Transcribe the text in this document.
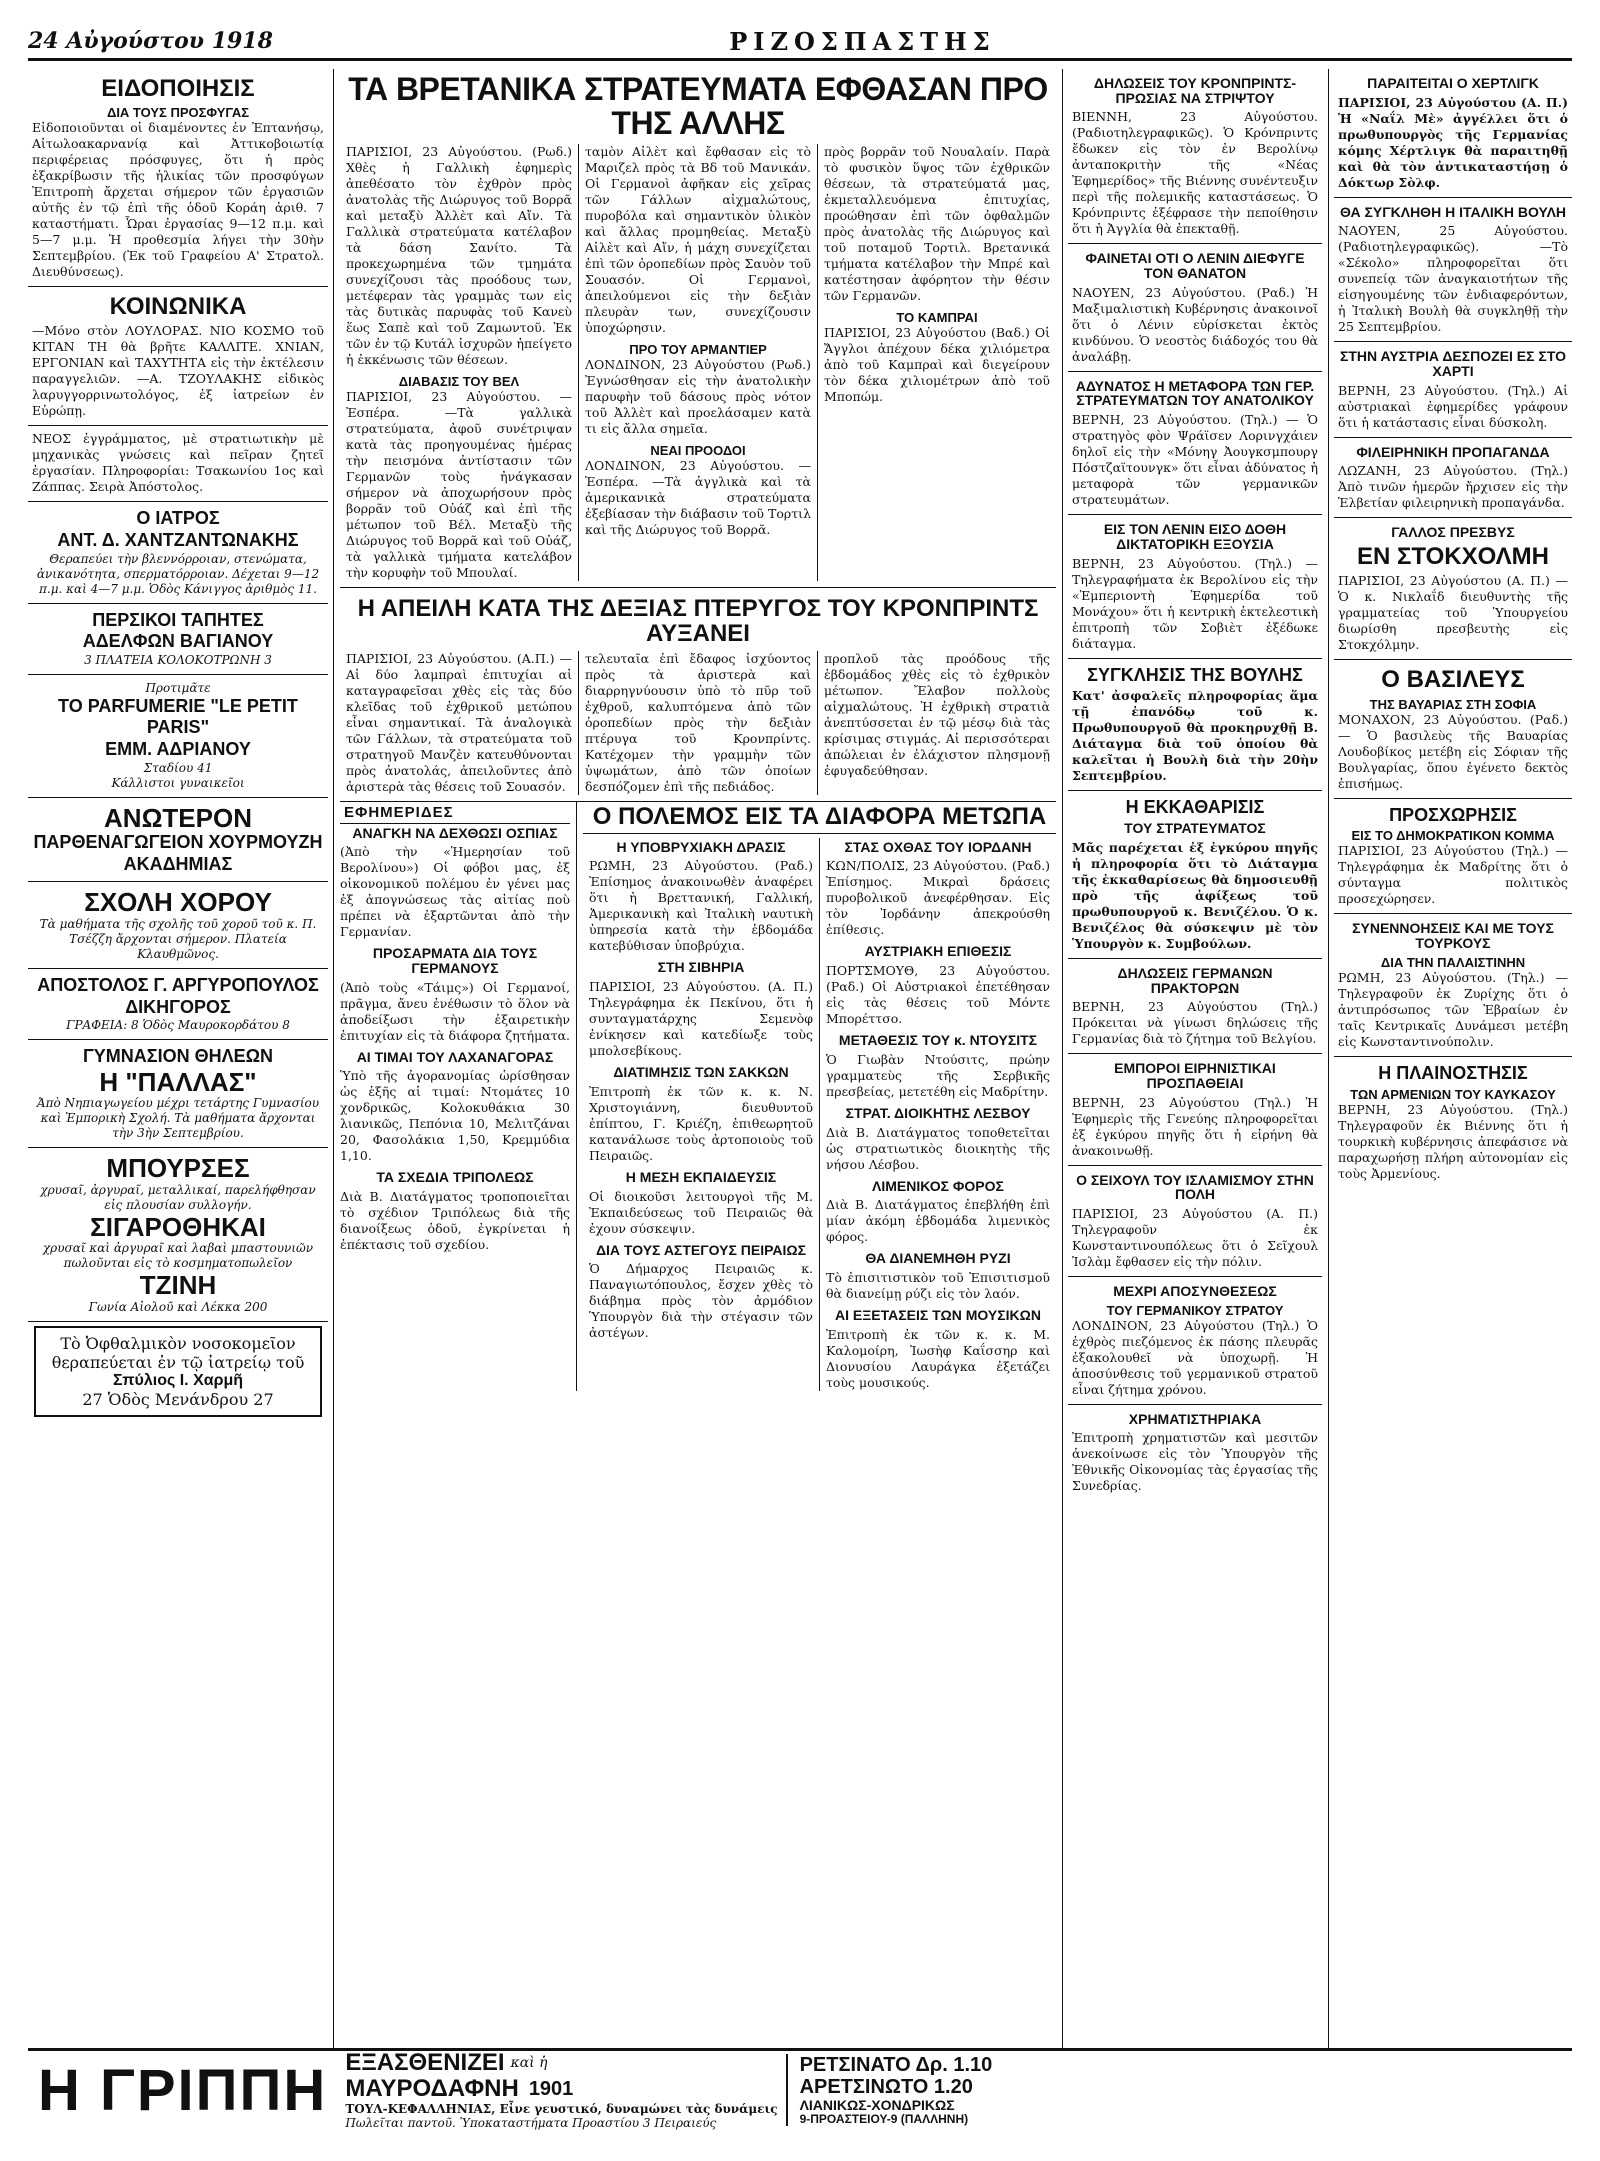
24 Αὐγούστου 1918	ΡΙΖΟΣΠΑΣΤΗΣ
ΕΙΔΟΠΟΙΗΣΙΣ
ΔΙΑ ΤΟΥΣ ΠΡΟΣΦΥΓΑΣ

Εἰδοποιοῦνται οἱ διαμένοντες ἐν Ἐπτανήσῳ, Αἰτωλοακαρνανίᾳ καὶ Ἀττικοβοιωτίᾳ περιφέρειας πρόσφυγες, ὅτι ἡ πρὸς ἐξακρίβωσιν τῆς ἡλικίας τῶν προσφύγων Ἐπιτροπὴ ἄρχεται σήμερον τῶν ἐργασιῶν αὐτῆς ἐν τῷ ἐπὶ τῆς ὁδοῦ Κοράη ἀριθ. 7 καταστήματι. Ὧραι ἐργασίας 9—12 π.μ. καὶ 5—7 μ.μ. Ἡ προθεσμία λήγει τὴν 30ὴν Σεπτεμβρίου. (Ἐκ τοῦ Γραφείου Α' Στρατολ. Διευθύνσεως).

ΚΟΙΝΩΝΙΚΑ

—Μόνο στὸν ΛΟΥΛΟΡΑΣ. ΝΙΟ ΚΟΣΜΟ τοῦ ΚΙΤΑΝ ΤΗ θὰ βρῆτε ΚΑΛΛΙΤΕ. ΧΝΙΑΝ, ΕΡΓΟΝΙΑΝ καὶ ΤΑΧΥΤΗΤΑ εἰς τὴν ἐκτέλεσιν παραγγελιῶν. —Α. ΤΖΟΥΛΑΚΗΣ εἰδικὸς λαρυγγορρινωτολόγος, ἐξ ἰατρείων ἐν Εὐρώπῃ.

ΝΕΟΣ ἐγγράμματος, μὲ στρατιωτικὴν μὲ μηχανικὰς γνώσεις καὶ πεῖραν ζητεῖ ἐργασίαν. Πληροφορίαι: Τσακωνίου 1ος καὶ Ζάππας. Σειρὰ Ἀπόστολος.

Ο ΙΑΤΡΟΣ
ΑΝΤ. Δ. ΧΑΝΤΖΑΝΤΩΝΑΚΗΣ
Θεραπεύει τὴν βλεννόρροιαν, στενώματα, ἀνικανότητα, σπερματόρροιαν. Δέχεται 9—12 π.μ. καὶ 4—7 μ.μ. Ὁδὸς Κάνιγγος ἀριθμὸς 11.
ΠΕΡΣΙΚΟΙ ΤΑΠΗΤΕΣ
ΑΔΕΛΦΩΝ ΒΑΓΙΑΝΟΥ
3 ΠΛΑΤΕΙΑ ΚΟΛΟΚΟΤΡΩΝΗ 3
Προτιμᾶτε
ΤΟ PARFUMERIE "LE PETIT PARIS"
ΕΜΜ. ΑΔΡΙΑΝΟΥ
Σταδίου 41
Κάλλιστοι γυναικεῖοι
ΑΝΩΤΕΡΟΝ
ΠΑΡΘΕΝΑΓΩΓΕΙΟΝ ΧΟΥΡΜΟΥΖΗ
ΑΚΑΔΗΜΙΑΣ
ΣΧΟΛΗ ΧΟΡΟΥ
Τὰ μαθήματα τῆς σχολῆς τοῦ χοροῦ τοῦ κ. Π. Τσέζζη ἄρχονται σήμερον. Πλατεία Κλαυθμῶνος.
ΑΠΟΣΤΟΛΟΣ Γ. ΑΡΓΥΡΟΠΟΥΛΟΣ
ΔΙΚΗΓΟΡΟΣ
ΓΡΑΦΕΙΑ: 8 Ὁδὸς Μαυροκορδάτου 8
ΓΥΜΝΑΣΙΟΝ ΘΗΛΕΩΝ
Η "ΠΑΛΛΑΣ"
Ἀπὸ Νηπιαγωγείου μέχρι τετάρτης Γυμνασίου καὶ Ἐμπορικὴ Σχολή. Τὰ μαθήματα ἄρχονται τὴν 3ὴν Σεπτεμβρίου.
ΜΠΟΥΡΣΕΣ
χρυσαῖ, ἀργυραῖ, μεταλλικαί, παρελήφθησαν εἰς πλουσίαν συλλογήν.
ΣΙΓΑΡΟΘΗΚΑΙ
χρυσαῖ καὶ ἀργυραῖ καὶ λαβαὶ μπαστουνιῶν πωλοῦνται εἰς τὸ κοσμηματοπωλεῖον
ΤΖΙΝΗ
Γωνία Αἰολοῦ καὶ Λέκκα 200
Τὸ Ὀφθαλμικὸν νοσοκομεῖον θεραπεύεται ἐν τῷ ἰατρείῳ τοῦ
Σπύλιος Ι. Χαρμῆ
27 Ὁδὸς Μενάνδρου 27
ΤΑ ΒΡΕΤΑΝΙΚΑ ΣΤΡΑΤΕΥΜΑΤΑ ΕΦΘΑΣΑΝ ΠΡΟ ΤΗΣ ΑΛΛΗΣ

ΠΑΡΙΣΙΟΙ, 23 Αὐγούστου. (Ρωδ.) Χθὲς ἡ Γαλλικὴ ἐφημερὶς ἀπεθέσατο τὸν ἐχθρὸν πρὸς ἀνατολὰς τῆς Διώρυγος τοῦ Βορρᾶ καὶ μεταξὺ Ἀλλὲτ καὶ Αἴν. Τὰ Γαλλικὰ στρατεύματα κατέλαβον τὰ δάση Σανίτο. Τὰ προκεχωρημένα τῶν τμημάτα συνεχίζουσι τὰς προόδους των, μετέφεραν τὰς γραμμὰς των εἰς τὰς δυτικὰς παρυφὰς τοῦ Κανεὺ ἕως Σαπὲ καὶ τοῦ Ζαμωντοῦ. Ἐκ τῶν ἐν τῷ Κυτάλ ἰσχυρῶν ἠπείγετο ἡ ἐκκένωσις τῶν θέσεων.

ΔΙΑΒΑΣΙΣ ΤΟΥ ΒΕΛ

ΠΑΡΙΣΙΟΙ, 23 Αὐγούστου. —Ἐσπέρα. —Τὰ γαλλικὰ στρατεύματα, ἀφοῦ συνέτριψαν κατὰ τὰς προηγουμένας ἡμέρας τὴν πεισμόνα ἀντίστασιν τῶν Γερμανῶν τοὺς ἠνάγκασαν σήμερον νὰ ἀποχωρήσουν πρὸς βορρᾶν τοῦ Οὐάζ καὶ ἐπὶ τῆς μέτωπον τοῦ Βέλ. Μεταξὺ τῆς Διώρυγος τοῦ Βορρᾶ καὶ τοῦ Οὐάζ, τὰ γαλλικὰ τμήματα κατελάβον τὴν κορυφὴν τοῦ Μπουλαί.

ταμὸν Αἰλὲτ καὶ ἔφθασαν εἰς τὸ Μαριζελ πρὸς τὰ Βδ τοῦ Μανικάν. Οἱ Γερμανοὶ ἀφῆκαν εἰς χεῖρας τῶν Γάλλων αἰχμαλώτους, πυροβόλα καὶ σημαντικὸν ὑλικὸν καὶ ἄλλας προμηθείας. Μεταξὺ Αἰλὲτ καὶ Αἴν, ἡ μάχη συνεχίζεται ἐπὶ τῶν ὀροπεδίων πρὸς Σαυὸν τοῦ Σουασόν. Οἱ Γερμανοὶ, ἀπειλούμενοι εἰς τὴν δεξιὰν πλευρὰν των, συνεχίζουσιν ὑποχώρησιν.

ΠΡΟ ΤΟΥ ΑΡΜΑΝΤΙΕΡ

ΛΟΝΔΙΝΟΝ, 23 Αὐγούστου (Ρωδ.) Ἐγνώσθησαν εἰς τὴν ἀνατολικὴν παρυφὴν τοῦ δάσους πρὸς νότον τοῦ Ἀλλὲτ καὶ προελάσαμεν κατὰ τι εἰς ἄλλα σημεῖα.

ΝΕΑΙ ΠΡΟΟΔΟΙ

ΛΟΝΔΙΝΟΝ, 23 Αὐγούστου. —Ἑσπέρα. —Τὰ ἀγγλικὰ καὶ τὰ ἀμερικανικὰ στρατεύματα ἐξεβίασαν τὴν διάβασιν τοῦ Τορτιλ καὶ τῆς Διώρυγος τοῦ Βορρᾶ.

πρὸς βορρᾶν τοῦ Νουαλαίν. Παρὰ τὸ φυσικὸν ὕψος τῶν ἐχθρικῶν θέσεων, τὰ στρατεύματά μας, ἐκμεταλλευόμενα ἐπιτυχίας, προώθησαν ἐπὶ τῶν ὀφθαλμῶν πρὸς ἀνατολὰς τῆς Διώρυγος καὶ τοῦ ποταμοῦ Τορτιλ. Βρετανικά τμήματα κατέλαβον τὴν Μπρέ καὶ κατέστησαν ἀφόρητον τὴν θέσιν τῶν Γερμανῶν.

ΤΟ ΚΑΜΠΡΑΙ

ΠΑΡΙΣΙΟΙ, 23 Αὐγούστου (Βαδ.) Οἱ Ἄγγλοι ἀπέχουν δέκα χιλιόμετρα ἀπὸ τοῦ Καμπραὶ καὶ διεγείρουν τὸν δέκα χιλιομέτρων ἀπὸ τοῦ Μποπώμ.

Η ΑΠΕΙΛΗ ΚΑΤΑ ΤΗΣ ΔΕΞΙΑΣ ΠΤΕΡΥΓΟΣ ΤΟΥ ΚΡΟΝΠΡΙΝΤΣ ΑΥΞΑΝΕΙ

ΠΑΡΙΣΙΟΙ, 23 Αὐγούστου. (Α.Π.) — Αἱ δύο λαμπραὶ ἐπιτυχίαι αἱ καταγραφεῖσαι χθὲς εἰς τὰς δύο κλεῖδας τοῦ ἐχθρικοῦ μετώπου εἶναι σημαντικαί. Τὰ ἀναλογικὰ τῶν Γάλλων, τὰ στρατεύματα τοῦ στρατηγοῦ Μανζὲν κατευθύνονται πρὸς ἀνατολάς, ἀπειλοῦντες ἀπὸ ἀριστερὰ τὰς θέσεις τοῦ Σουασόν.

τελευταῖα ἐπὶ ἔδαφος ἰσχύοντος πρὸς τὰ ἀριστερὰ καὶ διαρρηγνύουσιν ὑπὸ τὸ πῦρ τοῦ ἐχθροῦ, καλυπτόμενα ἀπὸ τῶν ὀροπεδίων πρὸς τὴν δεξιὰν πτέρυγα τοῦ Κρονπρίντς. Κατέχομεν τὴν γραμμὴν τῶν ὑψωμάτων, ἀπὸ τῶν ὁποίων δεσπόζομεν ἐπὶ τῆς πεδιάδος.

προπλοῦ τὰς προόδους τῆς ἑβδομάδος χθὲς εἰς τὸ ἐχθρικὸν μέτωπον. Ἔλαβον πολλοὺς αἰχμαλώτους. Ἡ ἐχθρικὴ στρατιὰ ἀνεπτύσσεται ἐν τῷ μέσῳ διὰ τὰς κρίσιμας στιγμάς. Αἱ περισσότεραι ἀπώλειαι ἐν ἐλάχιστον πλησμονῇ ἐφυγαδεύθησαν.

ΕΦΗΜΕΡΙΔΕΣ
ΑΝΑΓΚΗ ΝΑ ΔΕΧΘΩΣΙ ΟΣΠΙΑΣ

(Ἀπὸ τὴν «Ἡμερησίαν τοῦ Βερολίνου») Οἱ φόβοι μας, ἐξ οἰκονομικοῦ πολέμου ἐν γένει μας ἐξ ἀπογνώσεως τὰς αἰτίας ποὺ πρέπει νὰ ἐξαρτῶνται ἀπὸ τὴν Γερμανίαν.

ΠΡΟΣΑΡΜΑΤΑ ΔΙΑ ΤΟΥΣ ΓΕΡΜΑΝΟΥΣ

(Ἀπὸ τοὺς «Τάιμς») Οἱ Γερμανοί, πρᾶγμα, ἄνευ ἐνέθωσιν τὸ ὅλον νὰ ἀποδείξωσι τὴν ἐξαιρετικὴν ἐπιτυχίαν εἰς τὰ διάφορα ζητήματα.

ΑΙ ΤΙΜΑΙ ΤΟΥ ΛΑΧΑΝΑΓΟΡΑΣ

Ὑπὸ τῆς ἀγορανομίας ὡρίσθησαν ὡς ἑξῆς αἱ τιμαί: Ντομάτες 10 χονδρικῶς, Κολοκυθάκια 30 λιανικῶς, Πεπόνια 10, Μελιτζάναι 20, Φασολάκια 1,50, Κρεμμύδια 1,10.

ΤΑ ΣΧΕΔΙΑ ΤΡΙΠΟΛΕΩΣ

Διὰ Β. Διατάγματος τροποποιεῖται τὸ σχέδιον Τριπόλεως διὰ τῆς διανοίξεως ὁδοῦ, ἐγκρίνεται ἡ ἐπέκτασις τοῦ σχεδίου.

Ο ΠΟΛΕΜΟΣ ΕΙΣ ΤΑ ΔΙΑΦΟΡΑ ΜΕΤΩΠΑ
Η ΥΠΟΒΡΥΧΙΑΚΗ ΔΡΑΣΙΣ

ΡΩΜΗ, 23 Αὐγούστου. (Ραδ.) Ἐπίσημος ἀνακοινωθὲν ἀναφέρει ὅτι ἡ Βρεττανική, Γαλλική, Ἀμερικανικὴ καὶ Ἰταλικὴ ναυτικὴ ὑπηρεσία κατὰ τὴν ἑβδομάδα κατεβύθισαν ὑποβρύχια.

ΣΤΗ ΣΙΒΗΡΙΑ

ΠΑΡΙΣΙΟΙ, 23 Αὐγούστου. (Α. Π.) Τηλεγράφημα ἐκ Πεκίνου, ὅτι ἡ συνταγματάρχης Σεμενὸφ ἐνίκησεν καὶ κατεδίωξε τοὺς μπολσεβίκους.

ΔΙΑΤΙΜΗΣΙΣ ΤΩΝ ΣΑΚΚΩΝ

Ἐπιτροπὴ ἐκ τῶν κ. κ. Ν. Χριστογιάννη, διευθυντοῦ ἐπίπτου, Γ. Κριέζη, ἐπιθεωρητοῦ κατανάλωσε τοὺς ἀρτοποιοὺς τοῦ Πειραιῶς.

Η ΜΕΣΗ ΕΚΠΑΙΔΕΥΣΙΣ

Οἱ διοικοῦσι λειτουργοὶ τῆς Μ. Ἐκπαιδεύσεως τοῦ Πειραιῶς θὰ ἐχουν σύσκεψιν.

ΔΙΑ ΤΟΥΣ ΑΣΤΕΓΟΥΣ ΠΕΙΡΑΙΩΣ

Ὁ Δήμαρχος Πειραιῶς κ. Παναγιωτόπουλος, ἔσχεν χθὲς τὸ διάβημα πρὸς τὸν ἀρμόδιον Ὑπουργὸν διὰ τὴν στέγασιν τῶν ἀστέγων.

ΣΤΑΣ ΟΧΘΑΣ ΤΟΥ ΙΟΡΔΑΝΗ

ΚΩΝ/ΠΟΛΙΣ, 23 Αὐγούστου. (Ραδ.) Ἐπίσημος. Μικραὶ δράσεις πυροβολικοῦ ἀνεφέρθησαν. Εἰς τὸν Ἰορδάνην ἀπεκρούσθη ἐπίθεσις.

ΑΥΣΤΡΙΑΚΗ ΕΠΙΘΕΣΙΣ

ΠΟΡΤΣΜΟΥΘ, 23 Αὐγούστου. (Ραδ.) Οἱ Αὐστριακοὶ ἐπετέθησαν εἰς τὰς θέσεις τοῦ Μόντε Μπορέττσο.

ΜΕΤΑΘΕΣΙΣ ΤΟΥ κ. ΝΤΟΥΣΙΤΣ

Ὁ Γιωβὰν Ντούσιτς, πρώην γραμματεὺς τῆς Σερβικῆς πρεσβείας, μετετέθη εἰς Μαδρίτην.

ΣΤΡΑΤ. ΔΙΟΙΚΗΤΗΣ ΛΕΣΒΟΥ

Διὰ Β. Διατάγματος τοποθετεῖται ὡς στρατιωτικὸς διοικητὴς τῆς νήσου Λέσβου.

ΛΙΜΕΝΙΚΟΣ ΦΟΡΟΣ

Διὰ Β. Διατάγματος ἐπεβλήθη ἐπὶ μίαν ἀκόμη ἑβδομάδα λιμενικὸς φόρος.

ΘΑ ΔΙΑΝΕΜΗΘΗ ΡΥΖΙ

Τὸ ἐπισιτιστικὸν τοῦ Ἐπισιτισμοῦ θὰ διανείμῃ ρύζι εἰς τὸν λαόν.

ΑΙ ΕΞΕΤΑΣΕΙΣ ΤΩΝ ΜΟΥΣΙΚΩΝ

Ἐπιτροπὴ ἐκ τῶν κ. κ. Μ. Καλομοίρη, Ἰωσὴφ Καΐσσηρ καὶ Διονυσίου Λαυράγκα ἐξετάζει τοὺς μουσικούς.

ΔΗΛΩΣΕΙΣ ΤΟΥ ΚΡΟΝΠΡΙΝΤΣ-ΠΡΩΣΙΑΣ ΝΑ ΣΤΡΙΨΤΟΥ

ΒΙΕΝΝΗ, 23 Αὐγούστου. (Ραδιοτηλεγραφικῶς). Ὁ Κρόνπριντς ἔδωκεν εἰς τὸν ἐν Βερολίνῳ ἀνταποκριτὴν τῆς «Νέας Ἐφημερίδος» τῆς Βιέννης συνέντευξιν περὶ τῆς πολεμικῆς καταστάσεως. Ὁ Κρόνπριντς ἐξέφρασε τὴν πεποίθησιν ὅτι ἡ Ἀγγλία θὰ ἐπεκταθῇ.

ΦΑΙΝΕΤΑΙ ΟΤΙ Ο ΛΕΝΙΝ ΔΙΕΦΥΓΕ ΤΟΝ ΘΑΝΑΤΟΝ

ΝΑΟΥΕΝ, 23 Αὐγούστου. (Ραδ.) Ἡ Μαξιμαλιστικὴ Κυβέρνησις ἀνακοινοῖ ὅτι ὁ Λένιν εὑρίσκεται ἐκτὸς κινδύνου. Ὁ νεοστὸς διάδοχός του θὰ ἀναλάβῃ.

ΑΔΥΝΑΤΟΣ Η ΜΕΤΑΦΟΡΑ ΤΩΝ ΓΕΡ. ΣΤΡΑΤΕΥΜΑΤΩΝ ΤΟΥ ΑΝΑΤΟΛΙΚΟΥ

ΒΕΡΝΗ, 23 Αὐγούστου. (Τηλ.) — Ὁ στρατηγὸς φὸν Ψράϊσεν Λορινγχάιεν δηλοῖ εἰς τὴν «Μόνηγ Ἀουγκσμπουργ Πόστζαϊτουνγκ» ὅτι εἶναι ἀδύνατος ἡ μεταφορὰ τῶν γερμανικῶν στρατευμάτων.

ΕΙΣ ΤΟΝ ΛΕΝΙΝ ΕΙΣΟ ΔΟΘΗ ΔΙΚΤΑΤΟΡΙΚΗ ΕΞΟΥΣΙΑ

ΒΕΡΝΗ, 23 Αὐγούστου. (Τηλ.) — Τηλεγραφήματα ἐκ Βερολίνου εἰς τὴν «Ἐμπεριοντὴ Ἐφημερίδα τοῦ Μονάχου» ὅτι ἡ κεντρικὴ ἐκτελεστικὴ ἐπιτροπὴ τῶν Σοβιὲτ ἐξέδωκε διάταγμα.

ΣΥΓΚΛΗΣΙΣ ΤΗΣ ΒΟΥΛΗΣ

Κατ' ἀσφαλεῖς πληροφορίας ἅμα τῇ ἐπανόδῳ τοῦ κ. Πρωθυπουργοῦ θὰ προκηρυχθῇ Β. Διάταγμα διὰ τοῦ ὁποίου θὰ καλεῖται ἡ Βουλὴ διὰ τὴν 20ὴν Σεπτεμβρίου.

Η ΕΚΚΑΘΑΡΙΣΙΣ
ΤΟΥ ΣΤΡΑΤΕΥΜΑΤΟΣ

Μᾶς παρέχεται ἐξ ἐγκύρου πηγῆς ἡ πληροφορία ὅτι τὸ Διάταγμα τῆς ἐκκαθαρίσεως θὰ δημοσιευθῇ πρὸ τῆς ἀφίξεως τοῦ πρωθυπουργοῦ κ. Βενιζέλου. Ὁ κ. Βενιζέλος θὰ σύσκεψιν μὲ τὸν Ὑπουργὸν κ. Συμβούλων.

ΔΗΛΩΣΕΙΣ ΓΕΡΜΑΝΩΝ ΠΡΑΚΤΟΡΩΝ

ΒΕΡΝΗ, 23 Αὐγούστου (Τηλ.) Πρόκειται νὰ γίνωσι δηλώσεις τῆς Γερμανίας διὰ τὸ ζήτημα τοῦ Βελγίου.

ΕΜΠΟΡΟΙ ΕΙΡΗΝΙΣΤΙΚΑΙ ΠΡΟΣΠΑΘΕΙΑΙ

ΒΕΡΝΗ, 23 Αὐγούστου (Τηλ.) Ἡ Ἐφημερὶς τῆς Γενεύης πληροφορεῖται ἐξ ἐγκύρου πηγῆς ὅτι ἡ εἰρήνη θὰ ἀνακοινωθῇ.

Ο ΣΕΙΧΟΥΛ ΤΟΥ ΙΣΛΑΜΙΣΜΟΥ ΣΤΗΝ ΠΟΛΗ

ΠΑΡΙΣΙΟΙ, 23 Αὐγούστου (Α. Π.) Τηλεγραφοῦν ἐκ Κωνσταντινουπόλεως ὅτι ὁ Σεῖχουλ Ἰσλὰμ ἔφθασεν εἰς τὴν πόλιν.

ΜΕΧΡΙ ΑΠΟΣΥΝΘΕΣΕΩΣ
ΤΟΥ ΓΕΡΜΑΝΙΚΟΥ ΣΤΡΑΤΟΥ

ΛΟΝΔΙΝΟΝ, 23 Αὐγούστου (Τηλ.) Ὁ ἐχθρὸς πιεζόμενος ἐκ πάσης πλευρᾶς ἐξακολουθεῖ νὰ ὑποχωρῇ. Ἡ ἀποσύνθεσις τοῦ γερμανικοῦ στρατοῦ εἶναι ζήτημα χρόνου.

ΧΡΗΜΑΤΙΣΤΗΡΙΑΚΑ

Ἐπιτροπὴ χρηματιστῶν καὶ μεσιτῶν ἀνεκοίνωσε εἰς τὸν Ὑπουργὸν τῆς Ἐθνικῆς Οἰκονομίας τὰς ἐργασίας τῆς Συνεδρίας.

ΠΑΡΑΙΤΕΙΤΑΙ Ο ΧΕΡΤΛΙΓΚ

ΠΑΡΙΣΙΟΙ, 23 Αὐγούστου (Α. Π.) Ἡ «Ναΐλ Μὲ» ἀγγέλλει ὅτι ὁ πρωθυπουργὸς τῆς Γερμανίας κόμης Χέρτλιγκ θὰ παραιτηθῇ καὶ θὰ τὸν ἀντικαταστήσῃ ὁ Δόκτωρ Σὸλφ.

ΘΑ ΣΥΓΚΛΗΘΗ Η ΙΤΑΛΙΚΗ ΒΟΥΛΗ

ΝΑΟΥΕΝ, 25 Αὐγούστου. (Ραδιοτηλεγραφικῶς). —Τὸ «Σέκολο» πληροφορεῖται ὅτι συνεπείᾳ τῶν ἀναγκαιοτήτων τῆς εἰσηγουμένης τῶν ἐνδιαφερόντων, ἡ Ἰταλικὴ Βουλὴ θὰ συγκληθῇ τὴν 25 Σεπτεμβρίου.

ΣΤΗΝ ΑΥΣΤΡΙΑ ΔΕΣΠΟΖΕΙ ΕΣ ΣΤΟ ΧΑΡΤΙ

ΒΕΡΝΗ, 23 Αὐγούστου. (Τηλ.) Αἱ αὐστριακαὶ ἐφημερίδες γράφουν ὅτι ἡ κατάστασις εἶναι δύσκολη.

ΦΙΛΕΙΡΗΝΙΚΗ ΠΡΟΠΑΓΑΝΔΑ

ΛΩΖΑΝΗ, 23 Αὐγούστου. (Τηλ.) Ἀπὸ τινῶν ἡμερῶν ἤρχισεν εἰς τὴν Ἑλβετίαν φιλειρηνικὴ προπαγάνδα.

ΓΑΛΛΟΣ ΠΡΕΣΒΥΣ
ΕΝ ΣΤΟΚΧΟΛΜΗ

ΠΑΡΙΣΙΟΙ, 23 Αὐγούστου (Α. Π.) — Ὁ κ. Νικλαΐδ διευθυντὴς τῆς γραμματείας τοῦ Ὑπουργείου διωρίσθη πρεσβευτὴς εἰς Στοκχόλμην.

Ο ΒΑΣΙΛΕΥΣ
ΤΗΣ ΒΑΥΑΡΙΑΣ ΣΤΗ ΣΟΦΙΑ

ΜΟΝΑΧΟΝ, 23 Αὐγούστου. (Ραδ.) — Ὁ βασιλεὺς τῆς Βαυαρίας Λουδοβίκος μετέβη εἰς Σόφιαν τῆς Βουλγαρίας, ὅπου ἐγένετο δεκτὸς ἐπισήμως.

ΠΡΟΣΧΩΡΗΣΙΣ
ΕΙΣ ΤΟ ΔΗΜΟΚΡΑΤΙΚΟΝ ΚΟΜΜΑ

ΠΑΡΙΣΙΟΙ, 23 Αὐγούστου (Τηλ.) — Τηλεγράφημα ἐκ Μαδρίτης ὅτι ὁ σύνταγμα πολιτικὸς προσεχώρησεν.

ΣΥΝΕΝΝΟΗΣΕΙΣ ΚΑΙ ΜΕ ΤΟΥΣ ΤΟΥΡΚΟΥΣ
ΔΙΑ ΤΗΝ ΠΑΛΑΙΣΤΙΝΗΝ

ΡΩΜΗ, 23 Αὐγούστου. (Τηλ.) — Τηλεγραφοῦν ἐκ Ζυρίχης ὅτι ὁ ἀντιπρόσωπος τῶν Ἑβραίων ἐν ταῖς Κεντρικαῖς Δυνάμεσι μετέβη εἰς Κωνσταντινούπολιν.

Η ΠΛΑΙΝΟΣΤΗΣΙΣ
ΤΩΝ ΑΡΜΕΝΙΩΝ ΤΟΥ ΚΑΥΚΑΣΟΥ

ΒΕΡΝΗ, 23 Αὐγούστου. (Τηλ.) Τηλεγραφοῦν ἐκ Βιέννης ὅτι ἡ τουρκικὴ κυβέρνησις ἀπεφάσισε νὰ παραχωρήσῃ πλήρη αὐτονομίαν εἰς τοὺς Ἀρμενίους.

Η ΓΡΙΠΠΗ ΕΞΑΣΘΕΝΙΖΕΙ καὶ ἡ
ΜΑΥΡΟΔΑΦΝΗ 1901
ΤΟΥΛ-ΚΕΦΑΛΛΗΝΙΑΣ, Εἶνε γευστικό, δυναμώνει τὰς δυνάμεις
Πωλεῖται παντοῦ. Ὑποκαταστήματα Προαστίου 3 Πειραιεύς
ΡΕΤΣΙΝΑΤΟ Δρ. 1.10
ΑΡΕΤΣΙΝΩΤΟ 1.20
ΛΙΑΝΙΚΩΣ-ΧΟΝΔΡΙΚΩΣ
9-ΠΡΟΑΣΤΕΙΟΥ-9 (ΠΑΛΛΗΝΗ)
